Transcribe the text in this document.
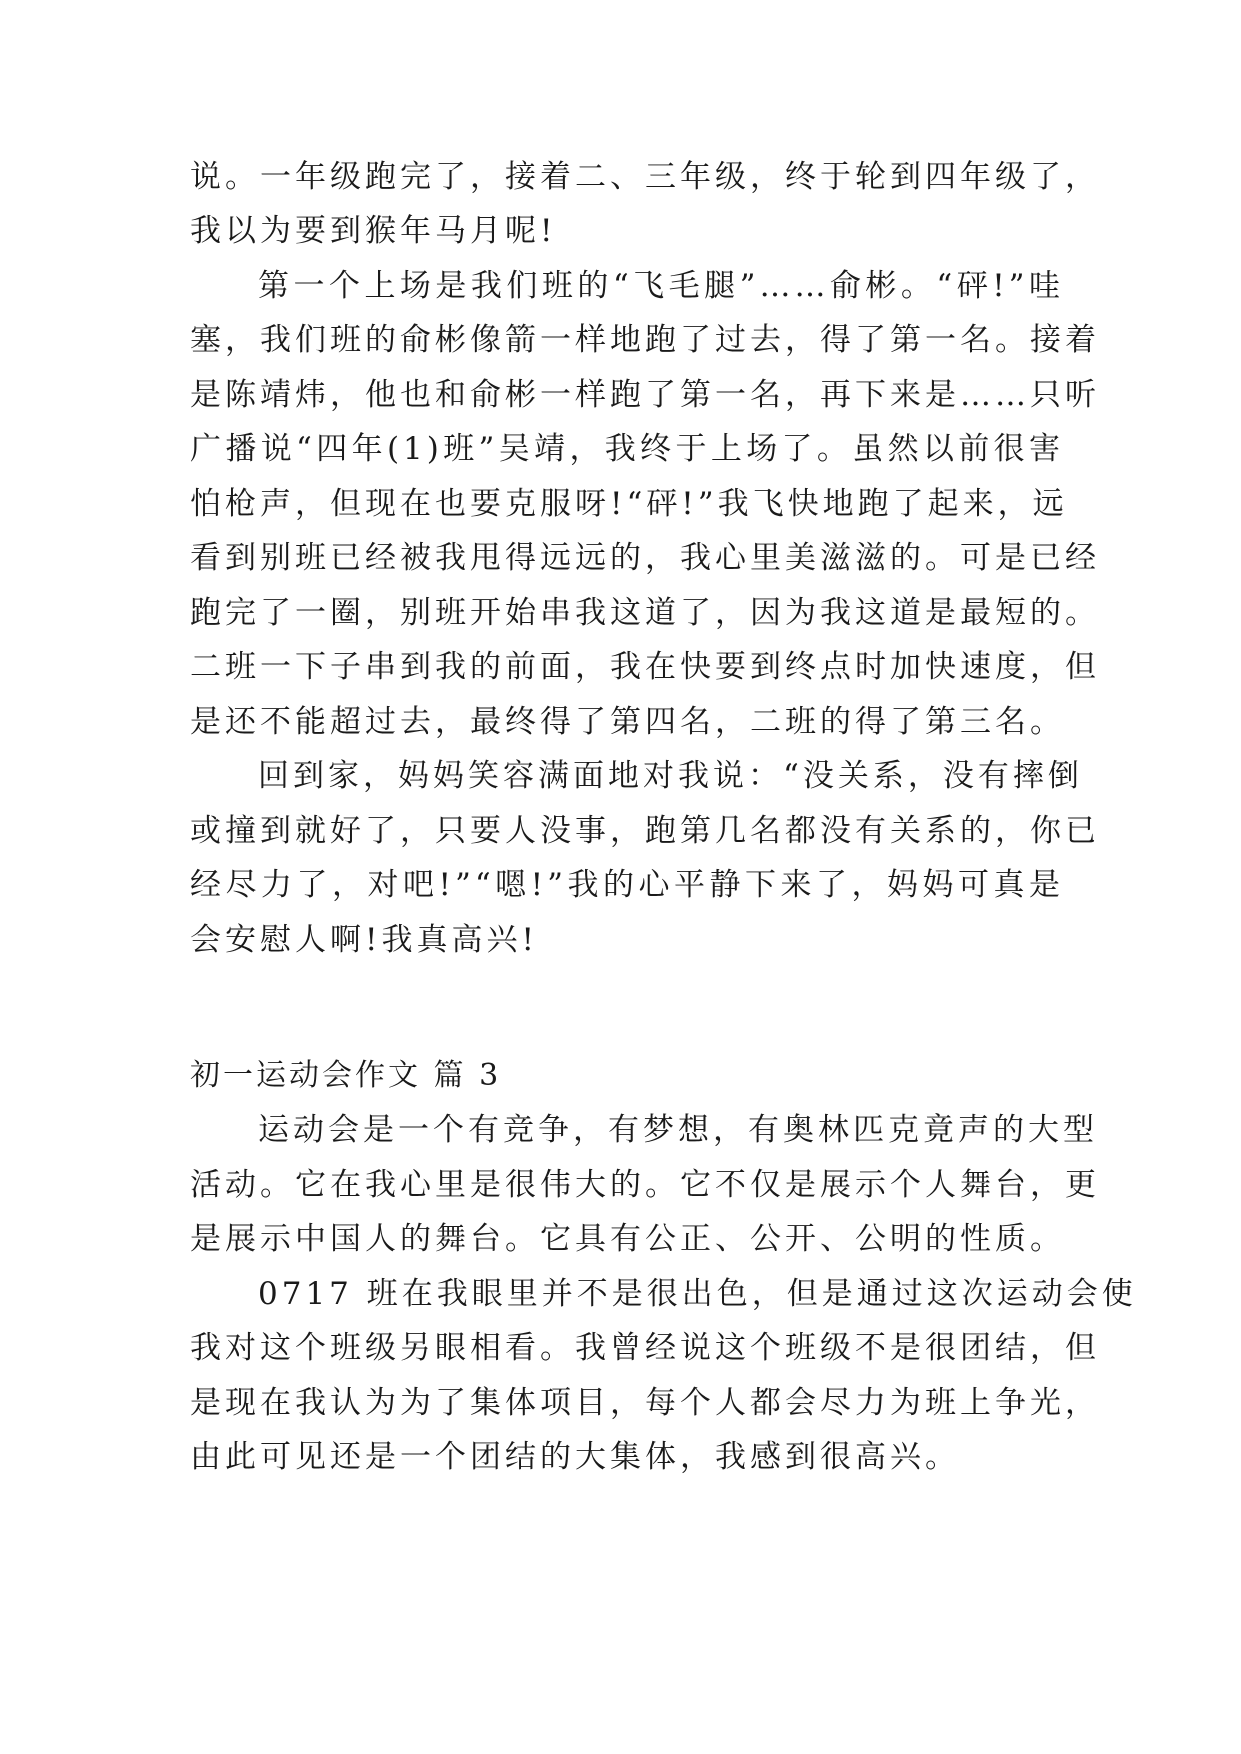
说。一年级跑完了，接着二、三年级，终于轮到四年级了，
我以为要到猴年马月呢!
第一个上场是我们班的“飞毛腿”……俞彬。“砰!”哇
塞，我们班的俞彬像箭一样地跑了过去，得了第一名。接着
是陈靖炜，他也和俞彬一样跑了第一名，再下来是……只听
广播说“四年(1)班”吴靖，我终于上场了。虽然以前很害
怕枪声，但现在也要克服呀!“砰!”我飞快地跑了起来，远
看到别班已经被我甩得远远的，我心里美滋滋的。可是已经
跑完了一圈，别班开始串我这道了，因为我这道是最短的。
二班一下子串到我的前面，我在快要到终点时加快速度，但
是还不能超过去，最终得了第四名，二班的得了第三名。
回到家，妈妈笑容满面地对我说：“没关系，没有摔倒
或撞到就好了，只要人没事，跑第几名都没有关系的，你已
经尽力了，对吧!”“嗯!”我的心平静下来了，妈妈可真是
会安慰人啊!我真高兴!
初一运动会作文 篇 3
运动会是一个有竞争，有梦想，有奥林匹克竟声的大型
活动。它在我心里是很伟大的。它不仅是展示个人舞台，更
是展示中国人的舞台。它具有公正、公开、公明的性质。
0717 班在我眼里并不是很出色，但是通过这次运动会使
我对这个班级另眼相看。我曾经说这个班级不是很团结，但
是现在我认为为了集体项目，每个人都会尽力为班上争光，
由此可见还是一个团结的大集体，我感到很高兴。
